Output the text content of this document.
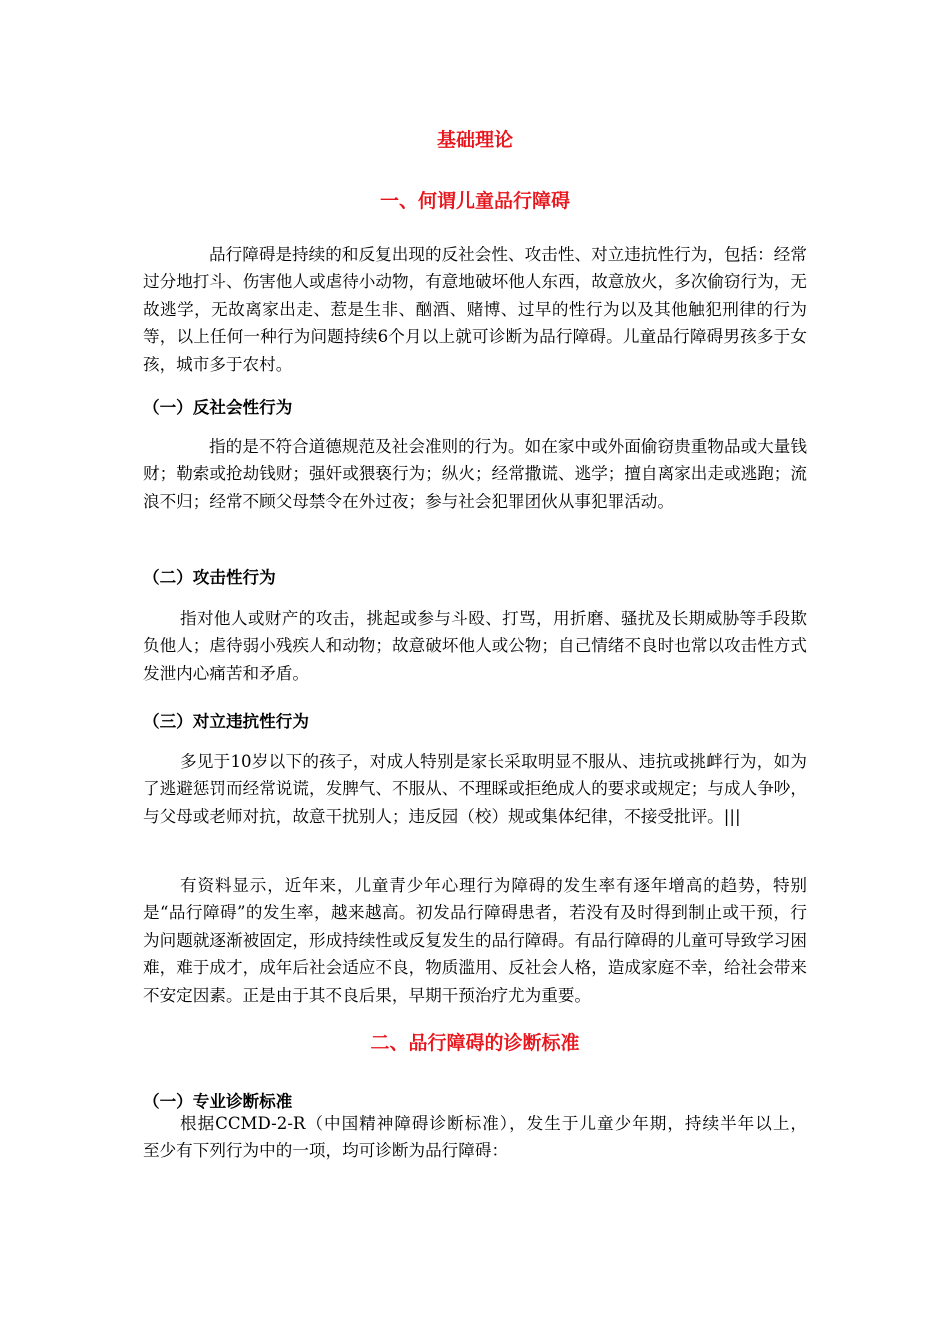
基础理论
一、何谓儿童品行障碍

品行障碍是持续的和反复出现的反社会性、攻击性、对立违抗性行为，包括：经常过分地打斗、伤害他人或虐待小动物，有意地破坏他人东西，故意放火，多次偷窃行为，无故逃学，无故离家出走、惹是生非、酗酒、赌博、过早的性行为以及其他触犯刑律的行为等，以上任何一种行为问题持续6个月以上就可诊断为品行障碍。儿童品行障碍男孩多于女孩，城市多于农村。

（一）反社会性行为

指的是不符合道德规范及社会准则的行为。如在家中或外面偷窃贵重物品或大量钱财；勒索或抢劫钱财；强奸或猥亵行为；纵火；经常撒谎、逃学；擅自离家出走或逃跑；流浪不归；经常不顾父母禁令在外过夜；参与社会犯罪团伙从事犯罪活动。

（二）攻击性行为

指对他人或财产的攻击，挑起或参与斗殴、打骂，用折磨、骚扰及长期威胁等手段欺负他人；虐待弱小残疾人和动物；故意破坏他人或公物；自己情绪不良时也常以攻击性方式发泄内心痛苦和矛盾。

（三）对立违抗性行为

多见于10岁以下的孩子，对成人特别是家长采取明显不服从、违抗或挑衅行为，如为了逃避惩罚而经常说谎，发脾气、不服从、不理睬或拒绝成人的要求或规定；与成人争吵，与父母或老师对抗，故意干扰别人；违反园（校）规或集体纪律，不接受批评。|||

有资料显示，近年来，儿童青少年心理行为障碍的发生率有逐年增高的趋势，特别是“品行障碍”的发生率，越来越高。初发品行障碍患者，若没有及时得到制止或干预，行为问题就逐渐被固定，形成持续性或反复发生的品行障碍。有品行障碍的儿童可导致学习困难，难于成才，成年后社会适应不良，物质滥用、反社会人格，造成家庭不幸，给社会带来不安定因素。正是由于其不良后果，早期干预治疗尤为重要。

二、品行障碍的诊断标准
（一）专业诊断标准

根据CCMD-2-R（中国精神障碍诊断标准），发生于儿童少年期，持续半年以上，   至少有下列行为中的一项，均可诊断为品行障碍：
